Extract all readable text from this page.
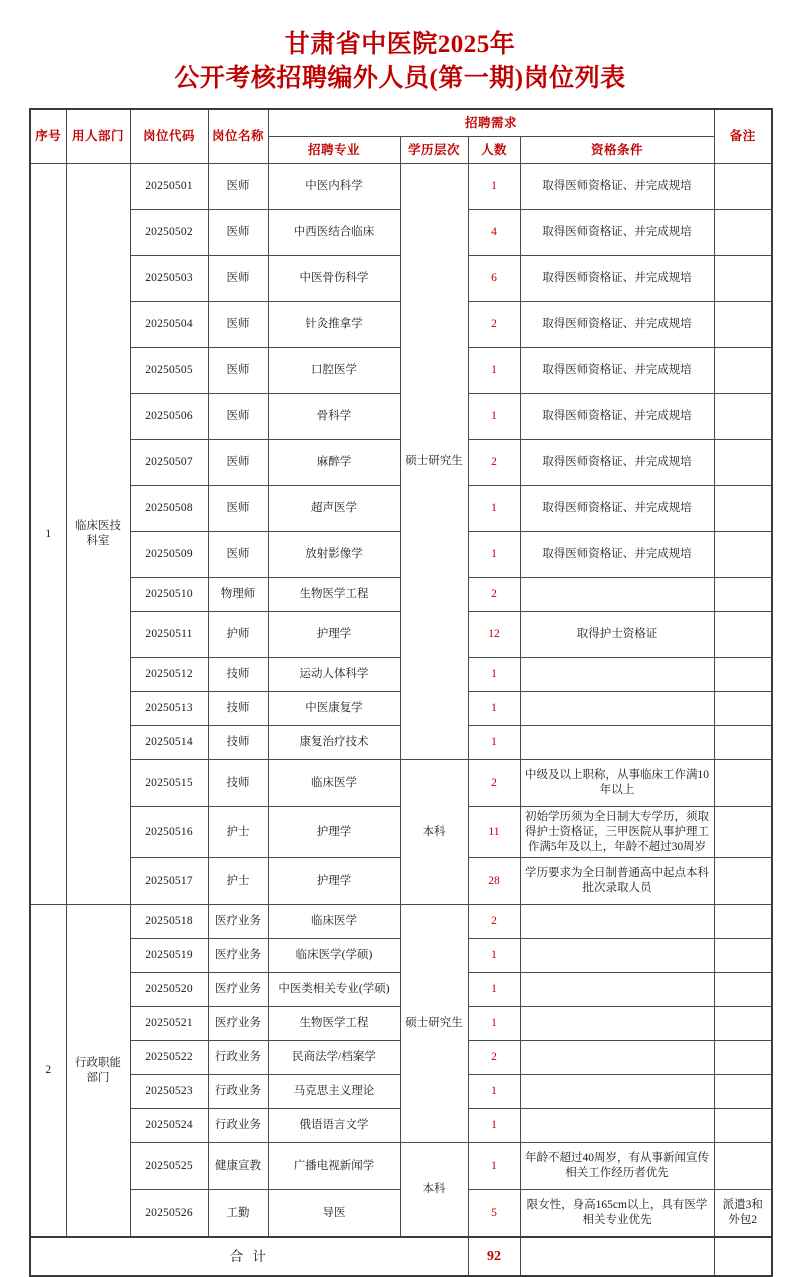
甘肃省中医院2025年
公开考核招聘编外人员(第一期)岗位列表
序号	用人部门	岗位代码	岗位名称	招聘需求				备注
				招聘专业	学历层次	人数	资格条件	
1	临床医技科室	20250501	医师	中医内科学	硕士研究生	1	取得医师资格证、并完成规培	
		20250502	医师	中西医结合临床		4	取得医师资格证、并完成规培	
		20250503	医师	中医骨伤科学		6	取得医师资格证、并完成规培	
		20250504	医师	针灸推拿学		2	取得医师资格证、并完成规培	
		20250505	医师	口腔医学		1	取得医师资格证、并完成规培	
		20250506	医师	骨科学		1	取得医师资格证、并完成规培	
		20250507	医师	麻醉学		2	取得医师资格证、并完成规培	
		20250508	医师	超声医学		1	取得医师资格证、并完成规培	
		20250509	医师	放射影像学		1	取得医师资格证、并完成规培	
		20250510	物理师	生物医学工程		2		
		20250511	护师	护理学		12	取得护士资格证	
		20250512	技师	运动人体科学		1		
		20250513	技师	中医康复学		1		
		20250514	技师	康复治疗技术		1		
		20250515	技师	临床医学	本科	2	中级及以上职称，从事临床工作满10年以上	
		20250516	护士	护理学		11	初始学历须为全日制大专学历，须取得护士资格证，三甲医院从事护理工作满5年及以上，年龄不超过30周岁	
		20250517	护士	护理学		28	学历要求为全日制普通高中起点本科批次录取人员	
2	行政职能部门	20250518	医疗业务	临床医学	硕士研究生	2		
		20250519	医疗业务	临床医学(学硕)		1		
		20250520	医疗业务	中医类相关专业(学硕)		1		
		20250521	医疗业务	生物医学工程		1		
		20250522	行政业务	民商法学/档案学		2		
		20250523	行政业务	马克思主义理论		1		
		20250524	行政业务	俄语语言文学		1		
		20250525	健康宣教	广播电视新闻学	本科	1	年龄不超过40周岁，有从事新闻宣传相关工作经历者优先	
		20250526	工勤	导医		5	限女性，身高165cm以上，具有医学相关专业优先	派遣3和外包2
合 计						92		
